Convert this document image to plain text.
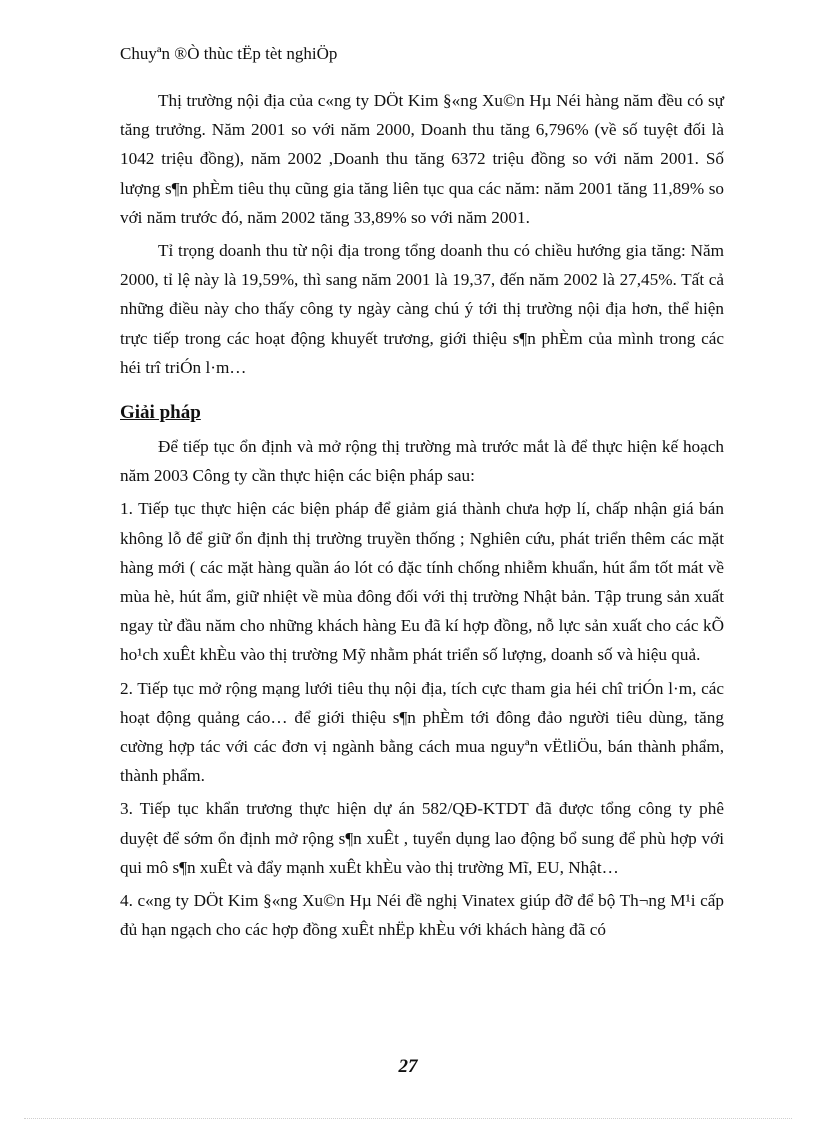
Chuyªn ®Ò thùc tËp tèt nghiÖp

Thị trường nội địa của c«ng ty DÖt Kim §«ng Xu©n Hµ Néi hàng năm đều có sự tăng trưởng. Năm 2001 so với năm 2000, Doanh thu tăng 6,796% (về số tuyệt đối là 1042 triệu đồng), năm 2002 ,Doanh thu tăng 6372 triệu đồng so với năm 2001. Số lượng s¶n phÈm tiêu thụ cũng gia tăng liên tục qua các năm: năm 2001 tăng 11,89% so với năm trước đó, năm 2002 tăng 33,89% so với năm 2001.

Tỉ trọng doanh thu từ nội địa trong tổng doanh thu có chiều hướng gia tăng: Năm 2000, tỉ lệ này là 19,59%, thì sang năm 2001 là 19,37, đến năm 2002 là 27,45%. Tất cả những điều này cho thấy công ty ngày càng chú ý tới thị trường nội địa hơn, thể hiện trực tiếp trong các hoạt động khuyết trương, giới thiệu s¶n phÈm của mình trong các héi trî triÓn l·m…

Giải pháp

Để tiếp tục ổn định và mở rộng thị trường mà trước mắt là để thực hiện kế hoạch năm 2003 Công ty cần thực hiện các biện pháp sau:

1. Tiếp tục thực hiện các biện pháp để giảm giá thành chưa hợp lí, chấp nhận giá bán không lỗ để giữ ổn định thị trường truyền thống ; Nghiên cứu, phát triển thêm các mặt hàng mới ( các mặt hàng quần áo lót có đặc tính chống nhiễm khuẩn, hút ẩm tốt mát về mùa hè, hút ẩm, giữ nhiệt về mùa đông đối với thị trường Nhật bản. Tập trung sản xuất ngay từ đầu năm cho những khách hàng Eu đã kí hợp đồng, nỗ lực sản xuất cho các kÕ ho¹ch xuÊt khÈu vào thị trường Mỹ nhằm phát triển số lượng, doanh số và hiệu quả.

2. Tiếp tục mở rộng mạng lưới tiêu thụ nội địa, tích cực tham gia héi chî triÓn l·m, các hoạt động quảng cáo… để giới thiệu s¶n phÈm tới đông đảo người tiêu dùng, tăng cường hợp tác với các đơn vị ngành bằng cách mua nguyªn vËtliÖu, bán thành phẩm, thành phẩm.

3. Tiếp tục khẩn trương thực hiện dự án 582/QĐ-KTDT đã được tổng công ty phê duyệt để sớm ổn định mở rộng s¶n xuÊt , tuyển dụng lao động bổ sung để phù hợp với qui mô s¶n xuÊt và đẩy mạnh xuÊt khÈu vào thị trường Mĩ, EU, Nhật…

4. c«ng ty DÖt Kim §«ng Xu©n Hµ Néi đề nghị Vinatex giúp đỡ để bộ Th¬ng M¹i cấp đủ hạn ngạch cho các hợp đồng xuÊt nhËp khÈu với khách hàng đã có

27
